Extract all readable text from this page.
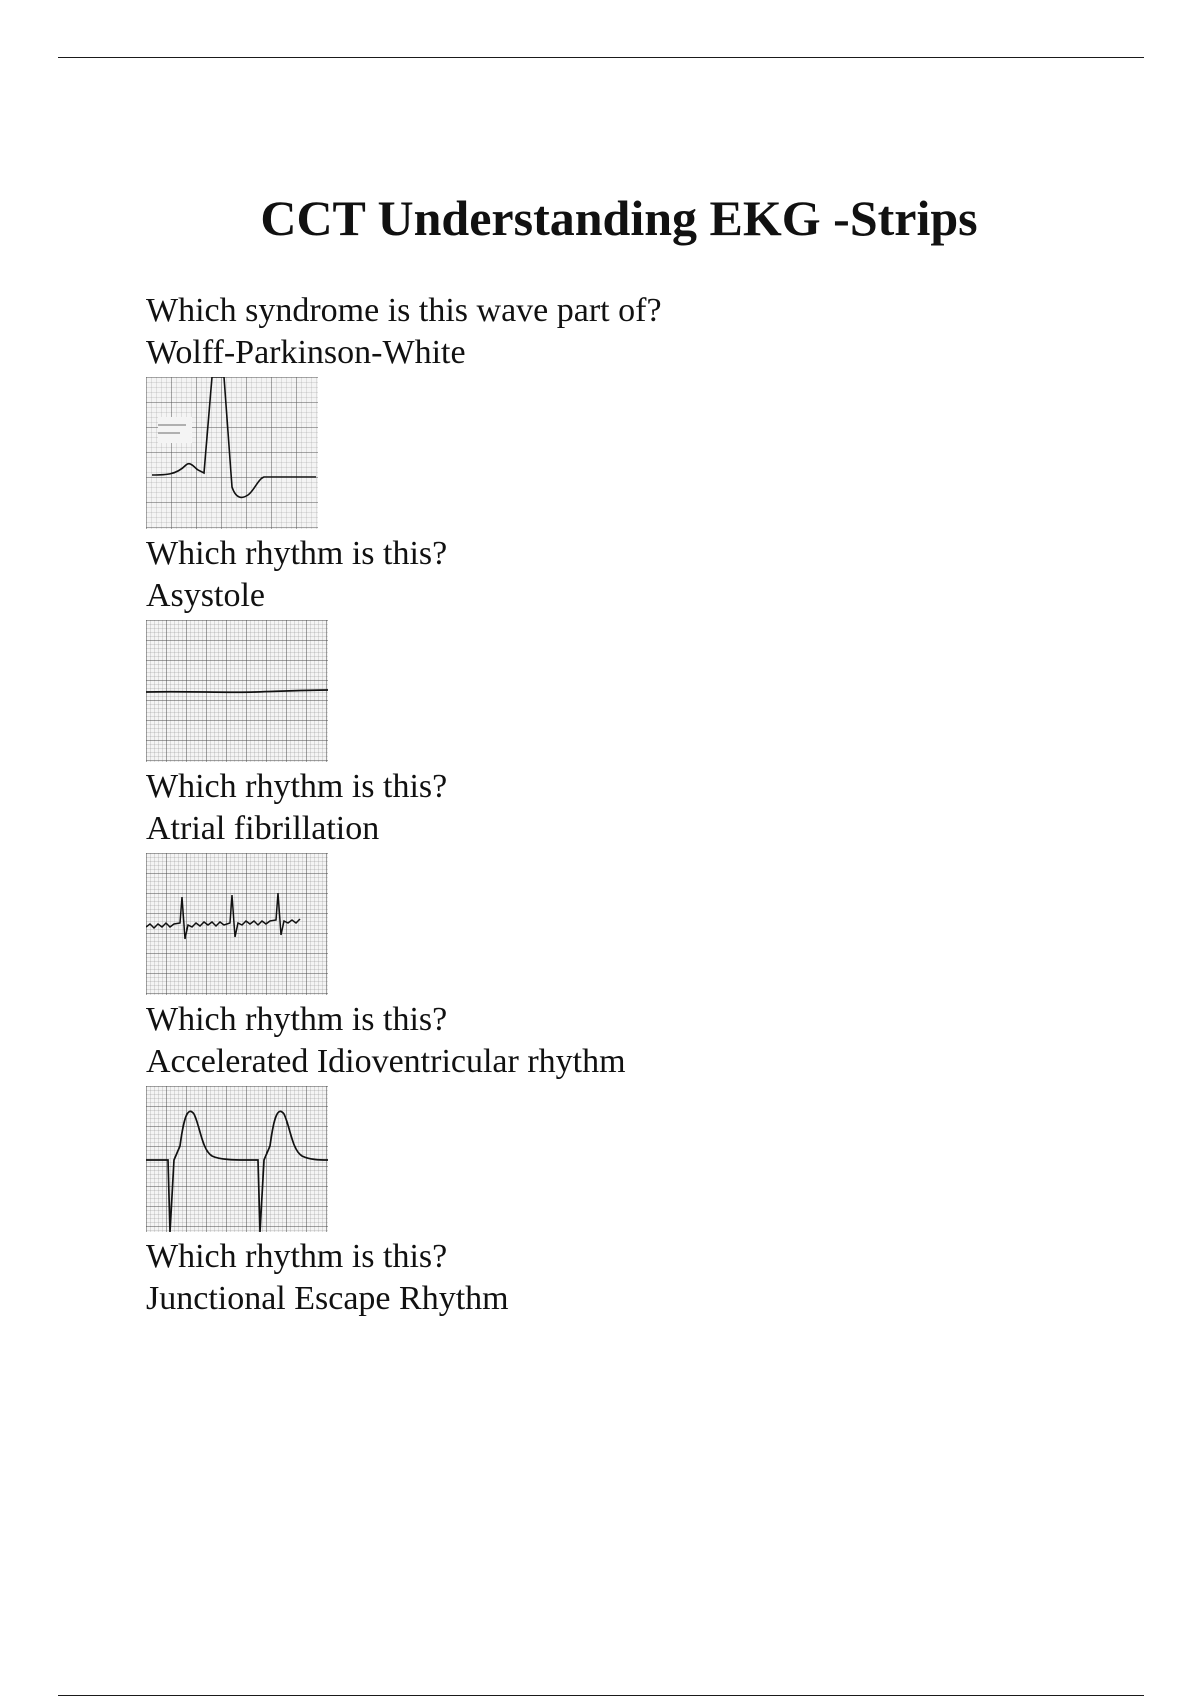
CCT Understanding EKG -Strips
Which syndrome is this wave part of?
Wolff-Parkinson-White
Which rhythm is this?
Asystole
Which rhythm is this?
Atrial fibrillation
Which rhythm is this?
Accelerated Idioventricular rhythm
Which rhythm is this?
Junctional Escape Rhythm
